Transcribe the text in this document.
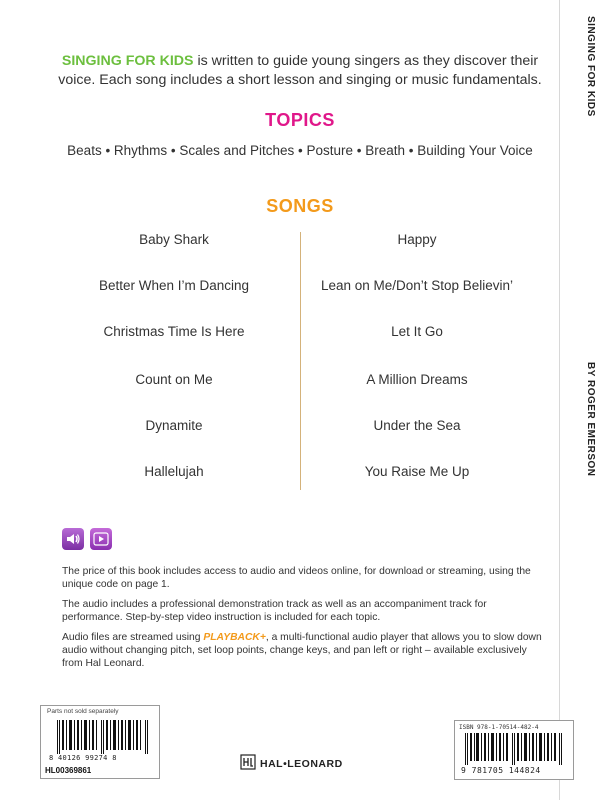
SINGING FOR KIDS
BY ROGER EMERSON
SINGING FOR KIDS is written to guide young singers as they discover their voice. Each song includes a short lesson and singing or music fundamentals.
TOPICS
Beats • Rhythms • Scales and Pitches • Posture • Breath • Building Your Voice
SONGS
Baby Shark
Better When I’m Dancing
Christmas Time Is Here
Count on Me
Dynamite
Hallelujah
Happy
Lean on Me/Don’t Stop Believin’
Let It Go
A Million Dreams
Under the Sea
You Raise Me Up
The price of this book includes access to audio and videos online, for download or streaming, using the unique code on page 1.
The audio includes a professional demonstration track as well as an accompaniment track for performance. Step-by-step video instruction is included for each topic.
Audio files are streamed using PLAYBACK+, a multi-functional audio player that allows you to slow down audio without changing pitch, set loop points, change keys, and pan left or right – available exclusively from Hal Leonard.
Parts not sold separately
8 40126 99274 8
HL00369861
HAL•LEONARD
ISBN 978-1-70514-482-4
9 781705 144824
